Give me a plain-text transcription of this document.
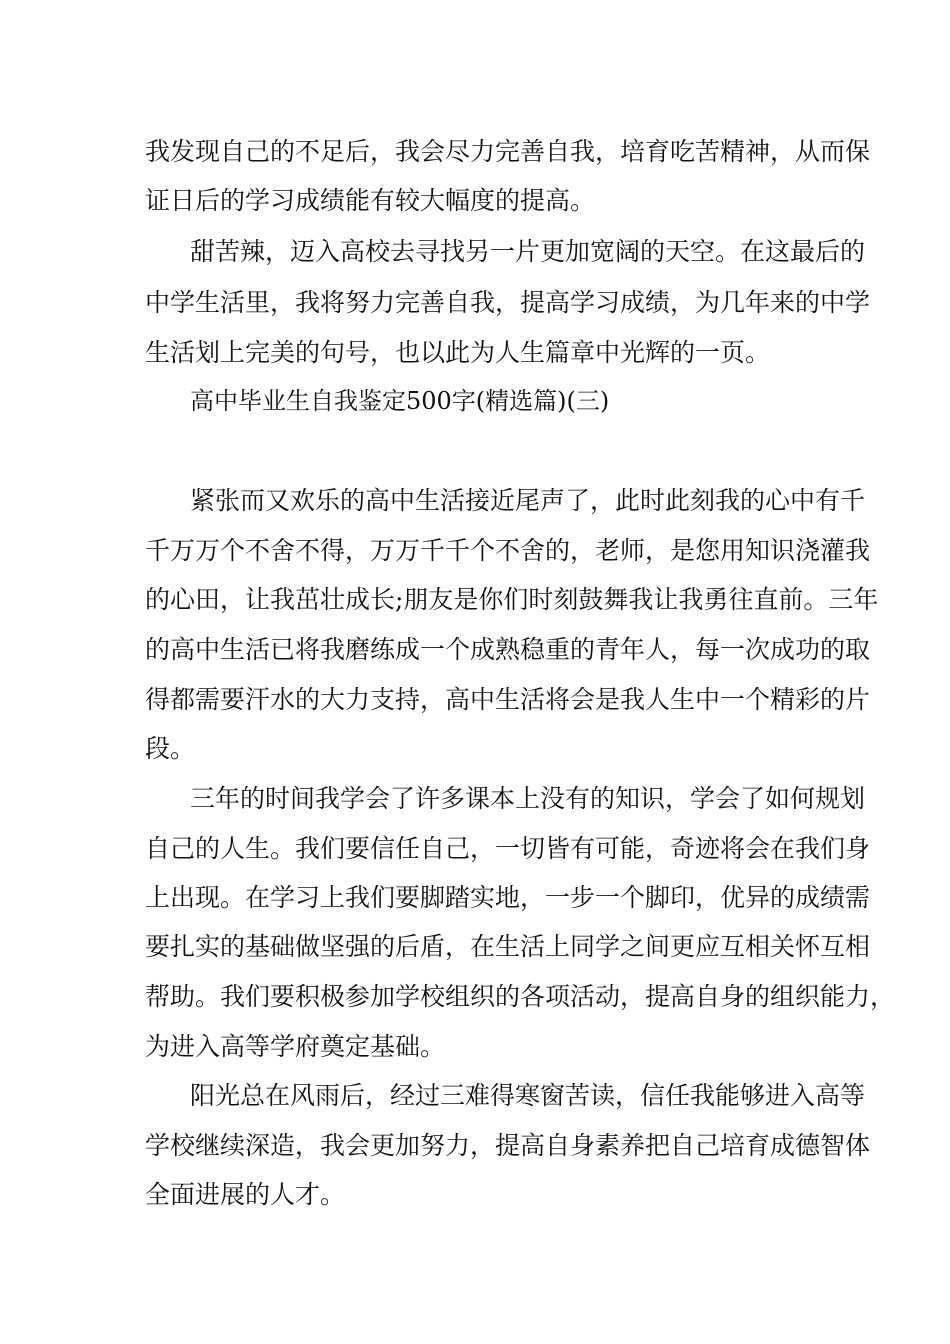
我发现自己的不足后，我会尽力完善自我，培育吃苦精神，从而保
证日后的学习成绩能有较大幅度的提高。
甜苦辣，迈入高校去寻找另一片更加宽阔的天空。在这最后的
中学生活里，我将努力完善自我，提高学习成绩，为几年来的中学
生活划上完美的句号，也以此为人生篇章中光辉的一页。
高中毕业生自我鉴定500字(精选篇)(三)
紧张而又欢乐的高中生活接近尾声了，此时此刻我的心中有千
千万万个不舍不得，万万千千个不舍的，老师，是您用知识浇灌我
的心田，让我茁壮成长;朋友是你们时刻鼓舞我让我勇往直前。三年
的高中生活已将我磨练成一个成熟稳重的青年人，每一次成功的取
得都需要汗水的大力支持，高中生活将会是我人生中一个精彩的片
段。
三年的时间我学会了许多课本上没有的知识，学会了如何规划
自己的人生。我们要信任自己，一切皆有可能，奇迹将会在我们身
上出现。在学习上我们要脚踏实地，一步一个脚印，优异的成绩需
要扎实的基础做坚强的后盾，在生活上同学之间更应互相关怀互相
帮助。我们要积极参加学校组织的各项活动，提高自身的组织能力，
为进入高等学府奠定基础。
阳光总在风雨后，经过三难得寒窗苦读，信任我能够进入高等
学校继续深造，我会更加努力，提高自身素养把自己培育成德智体
全面进展的人才。
